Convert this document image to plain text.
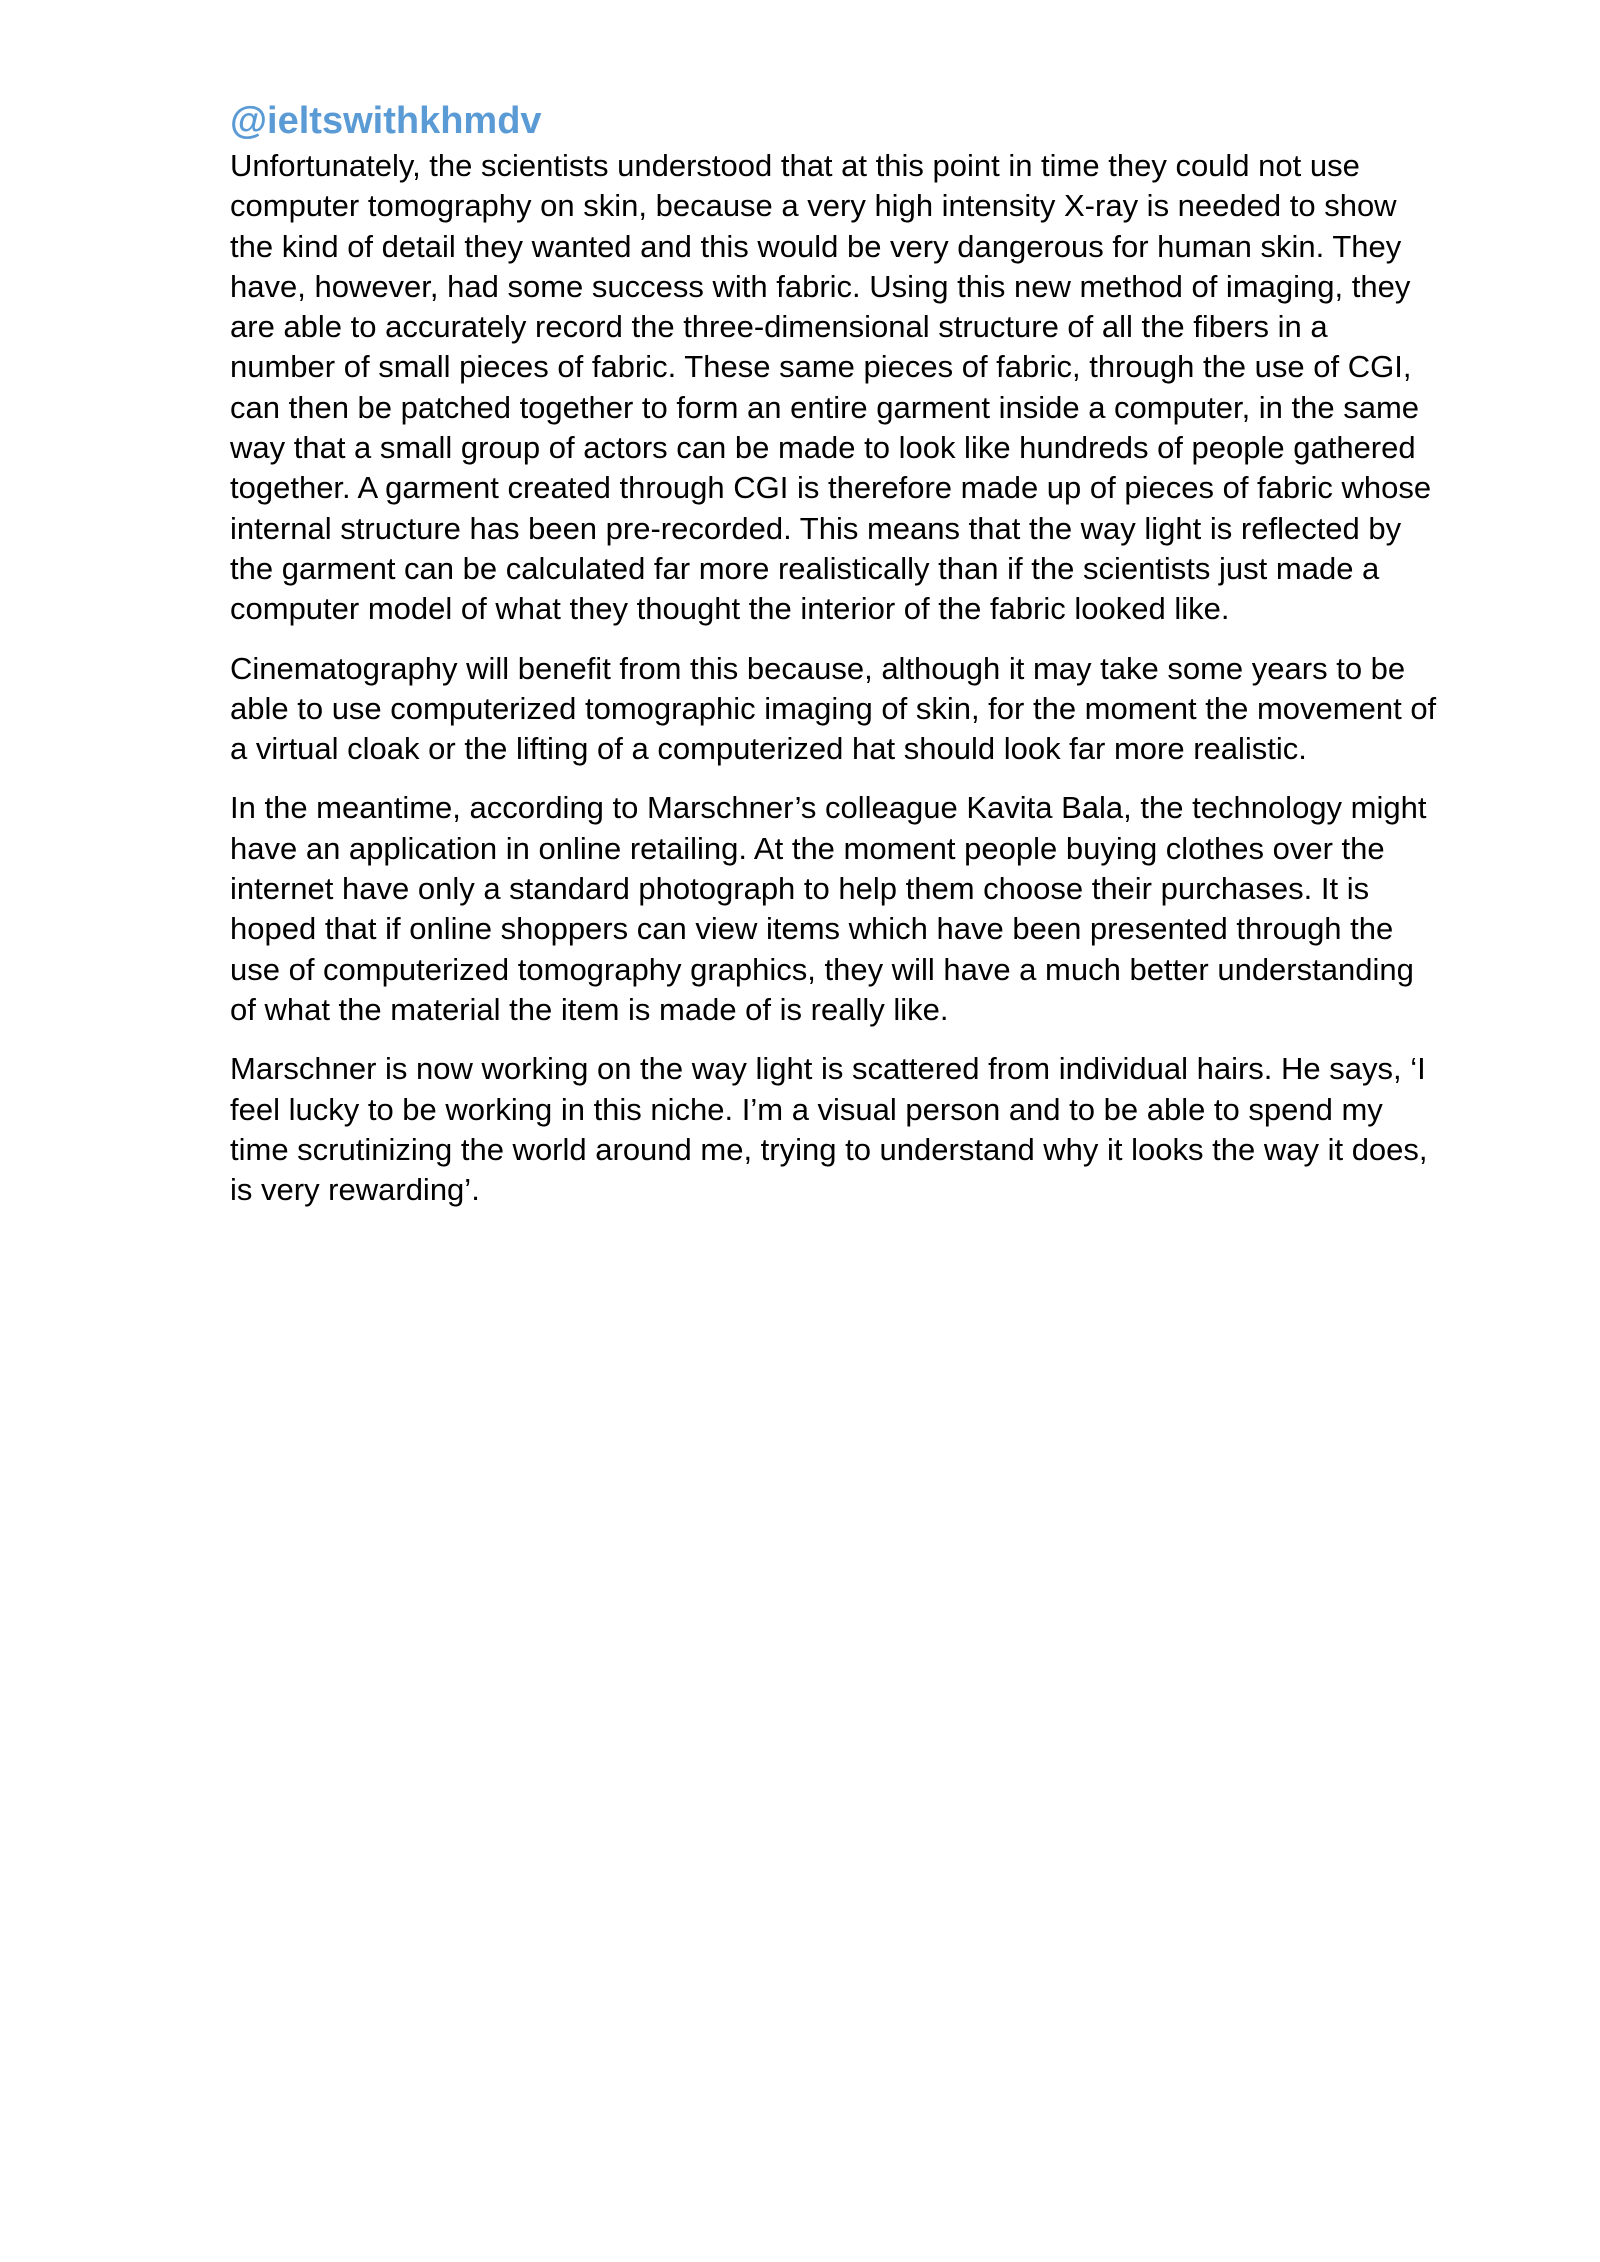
@ieltswithkhmdv
Unfortunately, the scientists understood that at this point in time they could not use
computer tomography on skin, because a very high intensity X-ray is needed to show
the kind of detail they wanted and this would be very dangerous for human skin. They
have, however, had some success with fabric. Using this new method of imaging, they
are able to accurately record the three-dimensional structure of all the fibers in a
number of small pieces of fabric. These same pieces of fabric, through the use of CGI,
can then be patched together to form an entire garment inside a computer, in the same
way that a small group of actors can be made to look like hundreds of people gathered
together. A garment created through CGI is therefore made up of pieces of fabric whose
internal structure has been pre-recorded. This means that the way light is reflected by
the garment can be calculated far more realistically than if the scientists just made a
computer model of what they thought the interior of the fabric looked like.
Cinematography will benefit from this because, although it may take some years to be
able to use computerized tomographic imaging of skin, for the moment the movement of
a virtual cloak or the lifting of a computerized hat should look far more realistic.
In the meantime, according to Marschner’s colleague Kavita Bala, the technology might
have an application in online retailing. At the moment people buying clothes over the
internet have only a standard photograph to help them choose their purchases. It is
hoped that if online shoppers can view items which have been presented through the
use of computerized tomography graphics, they will have a much better understanding
of what the material the item is made of is really like.
Marschner is now working on the way light is scattered from individual hairs. He says, ‘I
feel lucky to be working in this niche. I’m a visual person and to be able to spend my
time scrutinizing the world around me, trying to understand why it looks the way it does,
is very rewarding’.
